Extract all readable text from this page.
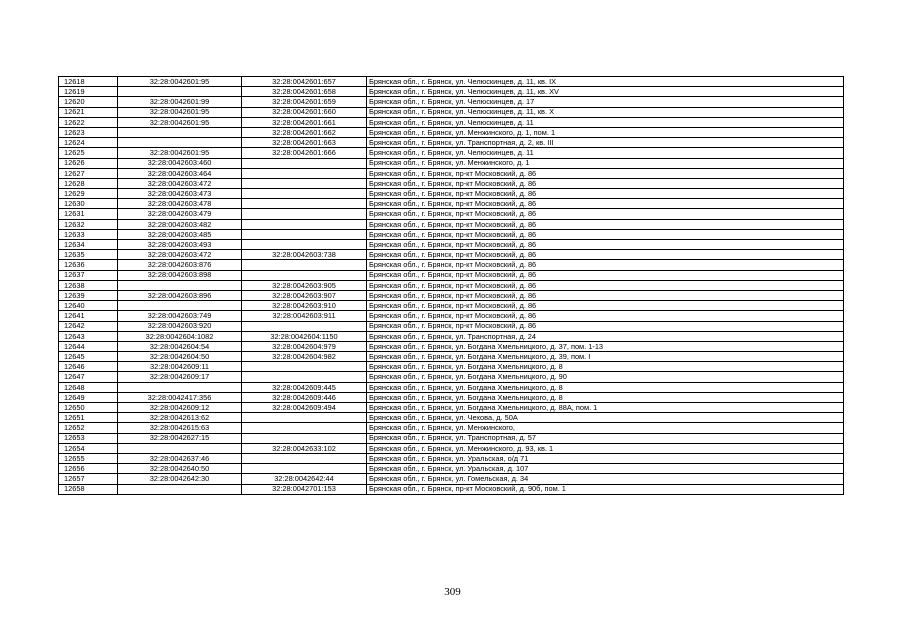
12618	32:28:0042601:95	32:28:0042601:657	Брянская обл., г. Брянск, ул. Челюскинцев, д. 11, кв. IX
12619		32:28:0042601:658	Брянская обл., г. Брянск, ул. Челюскинцев, д. 11, кв. XV
12620	32:28:0042601:99	32:28:0042601:659	Брянская обл., г. Брянск, ул. Челюскинцев, д. 17
12621	32:28:0042601:95	32:28:0042601:660	Брянская обл., г. Брянск, ул. Челюскинцев, д. 11, кв. X
12622	32:28:0042601:95	32:28:0042601:661	Брянская обл., г. Брянск, ул. Челюскинцев, д. 11
12623		32:28:0042601:662	Брянская обл., г. Брянск, ул. Менжинского, д. 1, пом. 1
12624		32:28:0042601:663	Брянская обл., г. Брянск, ул. Транспортная, д. 2, кв. III
12625	32:28:0042601:95	32:28:0042601:666	Брянская обл., г. Брянск, ул. Челюскинцев, д. 11
12626	32:28:0042603:460		Брянская обл., г. Брянск, ул. Менжинского, д. 1
12627	32:28:0042603:464		Брянская обл., г. Брянск, пр-кт Московский, д. 86
12628	32:28:0042603:472		Брянская обл., г. Брянск, пр-кт Московский, д. 86
12629	32:28:0042603:473		Брянская обл., г. Брянск, пр-кт Московский, д. 86
12630	32:28:0042603:478		Брянская обл., г. Брянск, пр-кт Московский, д. 86
12631	32:28:0042603:479		Брянская обл., г. Брянск, пр-кт Московский, д. 86
12632	32:28:0042603:482		Брянская обл., г. Брянск, пр-кт Московский, д. 86
12633	32:28:0042603:485		Брянская обл., г. Брянск, пр-кт Московский, д. 86
12634	32:28:0042603:493		Брянская обл., г. Брянск, пр-кт Московский, д. 86
12635	32:28:0042603:472	32:28:0042603:738	Брянская обл., г. Брянск, пр-кт Московский, д. 86
12636	32:28:0042603:876		Брянская обл., г. Брянск, пр-кт Московский, д. 86
12637	32:28:0042603:898		Брянская обл., г. Брянск, пр-кт Московский, д. 86
12638		32:28:0042603:905	Брянская обл., г. Брянск, пр-кт Московский, д. 86
12639	32:28:0042603:896	32:28:0042603:907	Брянская обл., г. Брянск, пр-кт Московский, д. 86
12640		32:28:0042603:910	Брянская обл., г. Брянск, пр-кт Московский, д. 86
12641	32:28:0042603:749	32:28:0042603:911	Брянская обл., г. Брянск, пр-кт Московский, д. 86
12642	32:28:0042603:920		Брянская обл., г. Брянск, пр-кт Московский, д. 86
12643	32:28:0042604:1082	32:28:0042604:1150	Брянская обл., г. Брянск, ул. Транспортная, д. 24
12644	32:28:0042604:54	32:28:0042604:979	Брянская обл., г. Брянск, ул. Богдана Хмельницкого, д. 37, пом. 1-13
12645	32:28:0042604:50	32:28:0042604:982	Брянская обл., г. Брянск, ул. Богдана Хмельницкого, д. 39, пом. I
12646	32:28:0042609:11		Брянская обл., г. Брянск, ул. Богдана Хмельницкого, д. 8
12647	32:28:0042609:17		Брянская обл., г. Брянск, ул. Богдана Хмельницкого, д. 90
12648		32:28:0042609:445	Брянская обл., г. Брянск, ул. Богдана Хмельницкого, д. 8
12649	32:28:0042417:356	32:28:0042609:446	Брянская обл., г. Брянск, ул. Богдана Хмельницкого, д. 8
12650	32:28:0042609:12	32:28:0042609:494	Брянская обл., г. Брянск, ул. Богдана Хмельницкого, д. 88А, пом. 1
12651	32:28:0042613:62		Брянская обл., г. Брянск, ул. Чехова, д. 50А
12652	32:28:0042615:63		Брянская обл., г. Брянск, ул. Менжинского,
12653	32:28:0042627:15		Брянская обл., г. Брянск, ул. Транспортная, д. 57
12654		32:28:0042633:102	Брянская обл., г. Брянск, ул. Менжинского, д. 93, кв. 1
12655	32:28:0042637:46		Брянская обл., г. Брянск, ул. Уральская, о/д 71
12656	32:28:0042640:50		Брянская обл., г. Брянск, ул. Уральская, д. 107
12657	32:28:0042642:30	32:28:0042642:44	Брянская обл., г. Брянск, ул. Гомельская, д. 34
12658		32:28:0042701:153	Брянская обл., г. Брянск, пр-кт Московский, д. 90б, пом. 1
309
